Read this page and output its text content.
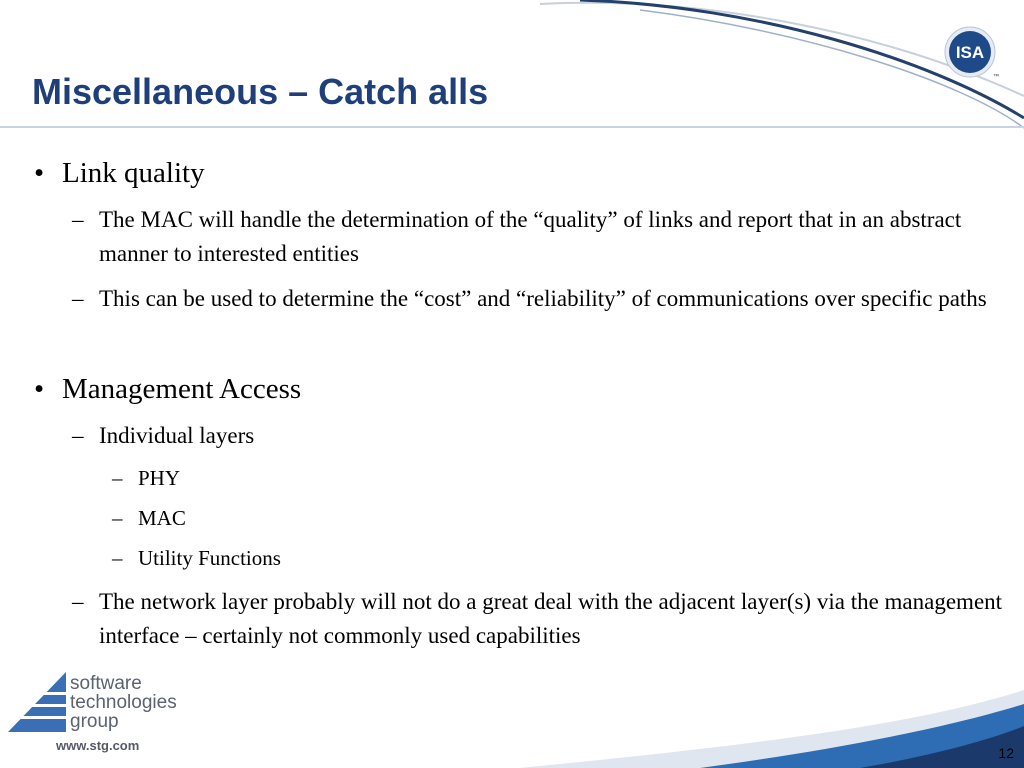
Miscellaneous – Catch alls
ISA
™
• Link quality
– The MAC will handle the determination of the “quality” of links and report that in an abstract manner to interested entities
– This can be used to determine the “cost” and “reliability” of communications over specific paths
• Management Access
– Individual layers
– PHY
– MAC
– Utility Functions
– The network layer probably will not do a great deal with the adjacent layer(s) via the management interface – certainly not commonly used capabilities
software
technologies
group
www.stg.com	12
